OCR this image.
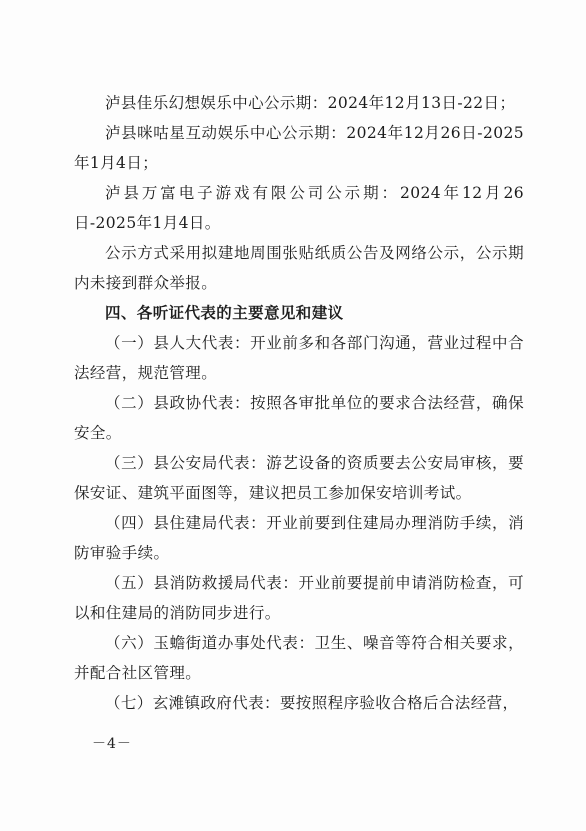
泸县佳乐幻想娱乐中心公示期：2024年12月13日-22日；

泸县咪咕星互动娱乐中心公示期：2024年12月26日-2025年1月4日；

泸县万富电子游戏有限公司公示期：2024年12月26日-2025年1月4日。

公示方式采用拟建地周围张贴纸质公告及网络公示，公示期内未接到群众举报。

四、各听证代表的主要意见和建议

（一）县人大代表：开业前多和各部门沟通，营业过程中合法经营，规范管理。

（二）县政协代表：按照各审批单位的要求合法经营，确保安全。

（三）县公安局代表：游艺设备的资质要去公安局审核，要保安证、建筑平面图等，建议把员工参加保安培训考试。

（四）县住建局代表：开业前要到住建局办理消防手续，消防审验手续。

（五）县消防救援局代表：开业前要提前申请消防检查，可以和住建局的消防同步进行。

（六）玉蟾街道办事处代表：卫生、噪音等符合相关要求，并配合社区管理。

（七）玄滩镇政府代表：要按照程序验收合格后合法经营，

－4－
